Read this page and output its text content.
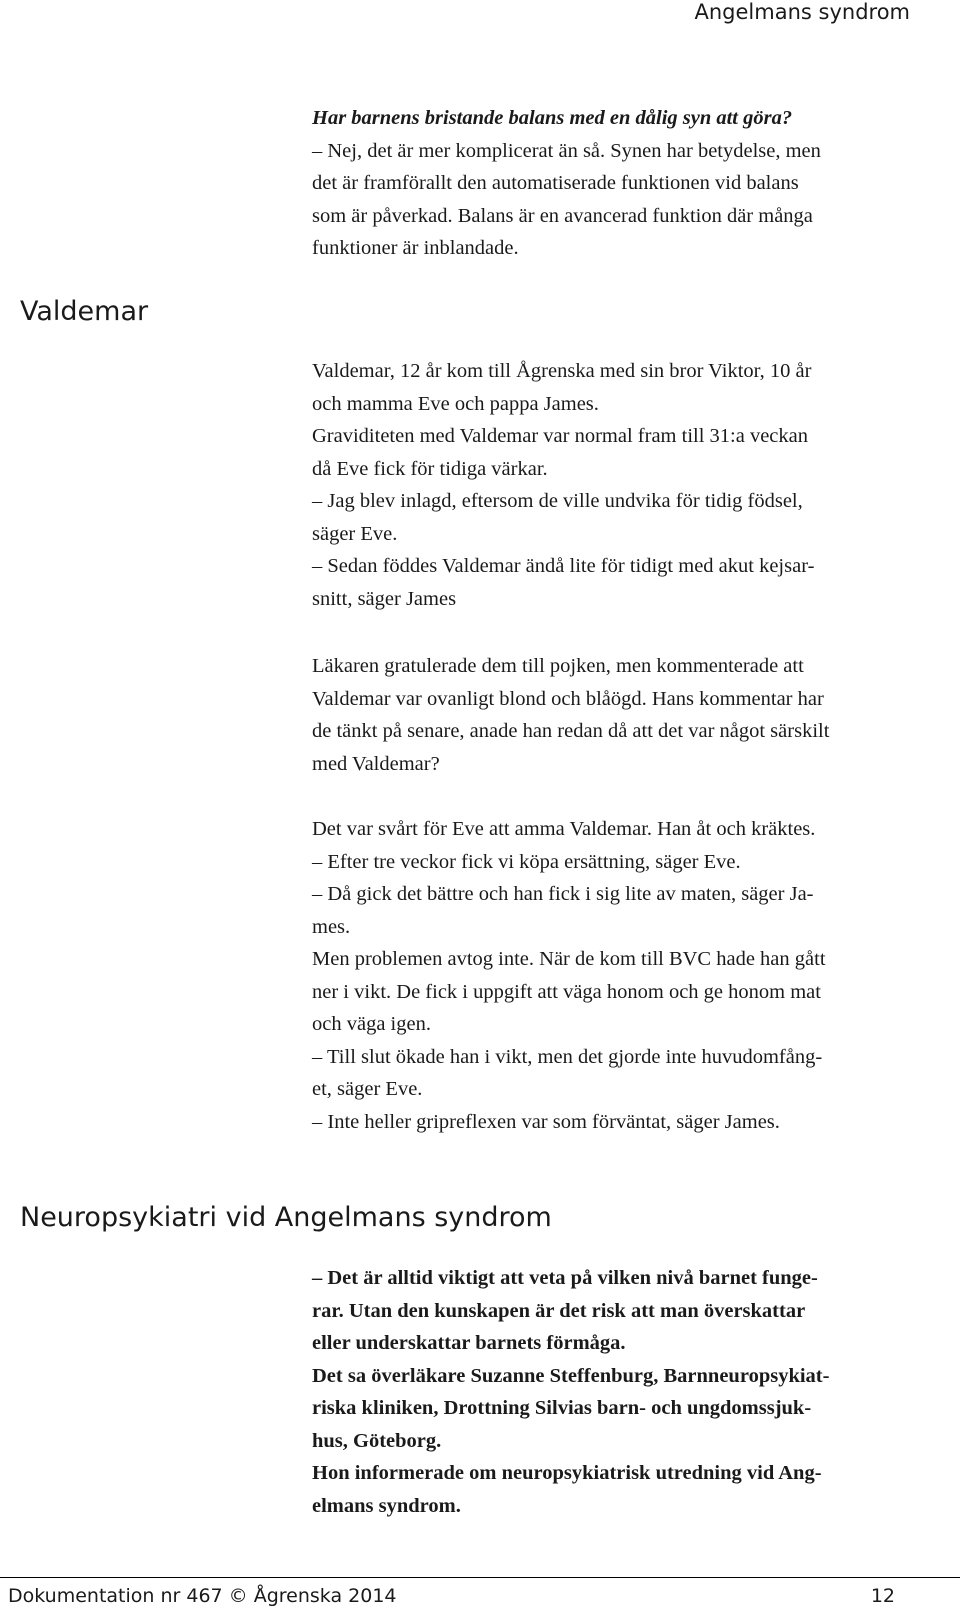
Angelmans syndrom

Har barnens bristande balans med en dålig syn att göra?

– Nej, det är mer komplicerat än så. Synen har betydelse, men

det är framförallt den automatiserade funktionen vid balans

som är påverkad. Balans är en avancerad funktion där många

funktioner är inblandade.

Valdemar

Valdemar, 12 år kom till Ågrenska med sin bror Viktor, 10 år

och mamma Eve och pappa James.

Graviditeten med Valdemar var normal fram till 31:a veckan

då Eve fick för tidiga värkar.

– Jag blev inlagd, eftersom de ville undvika för tidig födsel,

säger Eve.

– Sedan föddes Valdemar ändå lite för tidigt med akut kejsar-

snitt, säger James

Läkaren gratulerade dem till pojken, men kommenterade att

Valdemar var ovanligt blond och blåögd. Hans kommentar har

de tänkt på senare, anade han redan då att det var något särskilt

med Valdemar?

Det var svårt för Eve att amma Valdemar. Han åt och kräktes.

– Efter tre veckor fick vi köpa ersättning, säger Eve.

– Då gick det bättre och han fick i sig lite av maten, säger Ja-

mes.

Men problemen avtog inte. När de kom till BVC hade han gått

ner i vikt. De fick i uppgift att väga honom och ge honom mat

och väga igen.

– Till slut ökade han i vikt, men det gjorde inte huvudomfång-

et, säger Eve.

– Inte heller gripreflexen var som förväntat, säger James.

Neuropsykiatri vid Angelmans syndrom

– Det är alltid viktigt att veta på vilken nivå barnet funge-

rar. Utan den kunskapen är det risk att man överskattar

eller underskattar barnets förmåga.

Det sa överläkare Suzanne Steffenburg, Barnneuropsykiat-

riska kliniken, Drottning Silvias barn- och ungdomssjuk-

hus, Göteborg.

Hon informerade om neuropsykiatrisk utredning vid Ang-

elmans syndrom.

Dokumentation nr 467 © Ågrenska 2014	12
